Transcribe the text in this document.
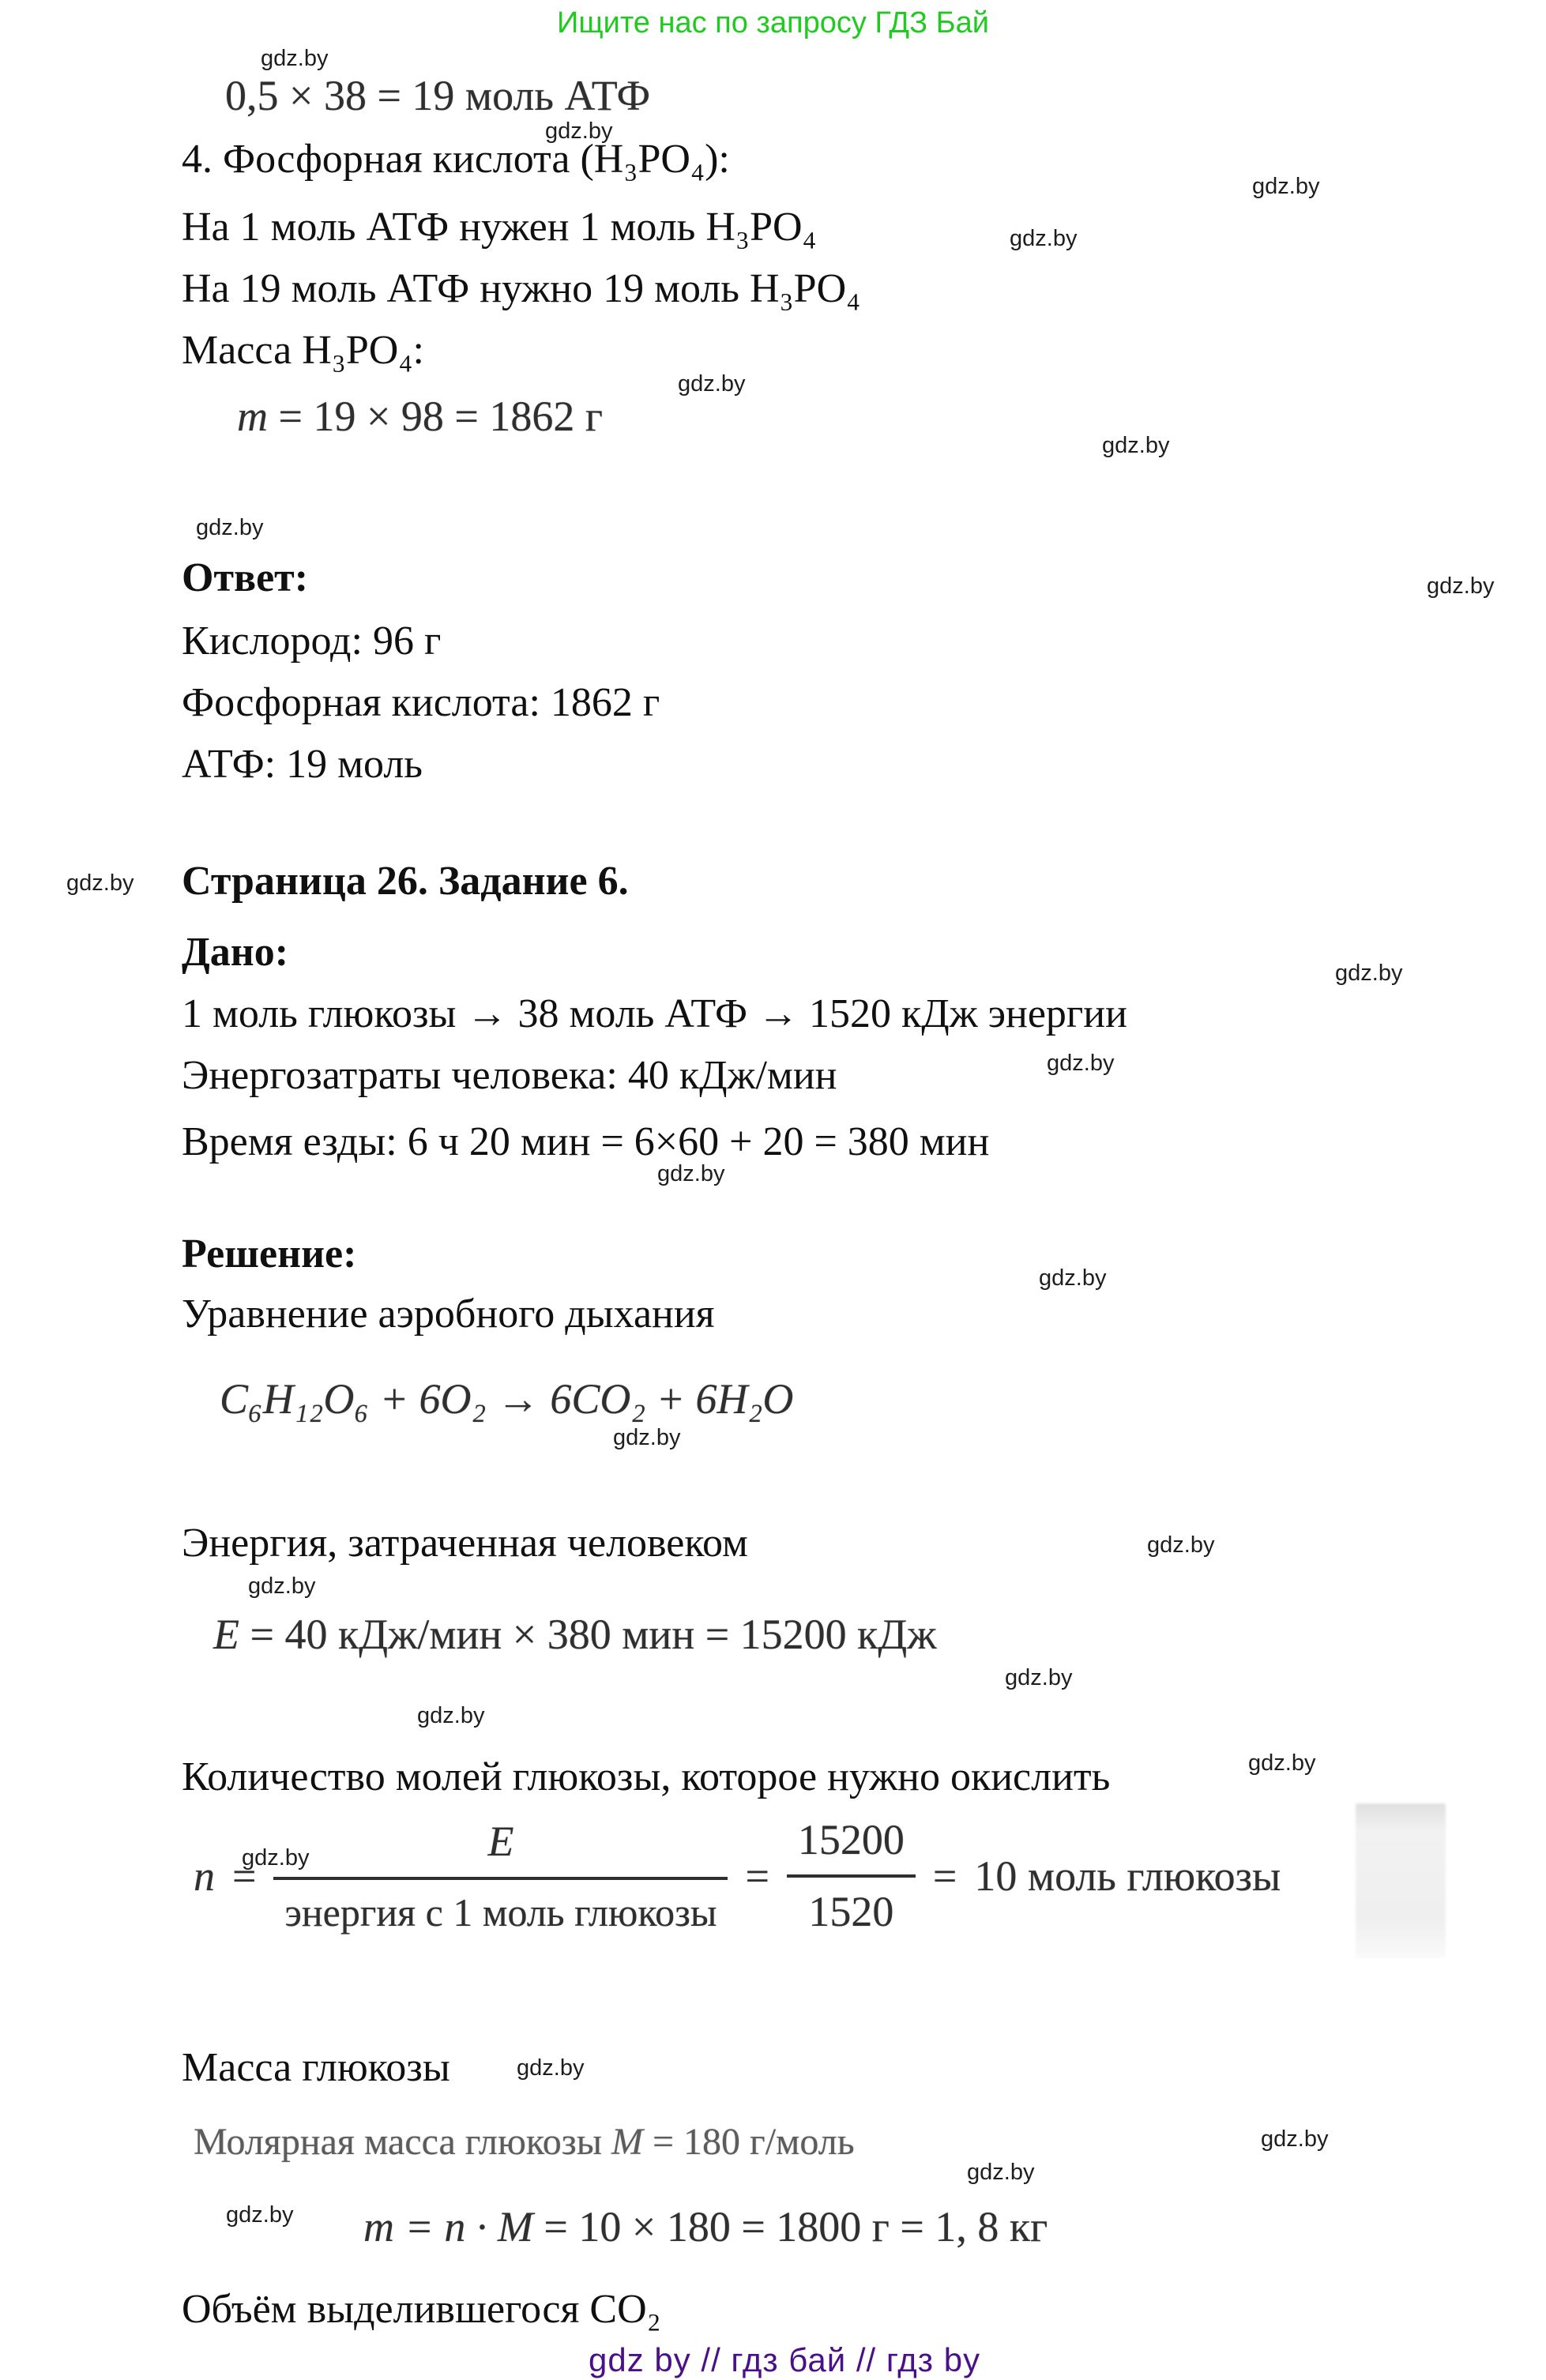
Ищите нас по запросу ГДЗ Бай
gdz.by
gdz.by
gdz.by
gdz.by
gdz.by
gdz.by
gdz.by
gdz.by
gdz.by
gdz.by
gdz.by
gdz.by
gdz.by
gdz.by
gdz.by
gdz.by
gdz.by
gdz.by
gdz.by
gdz.by
gdz.by
gdz.by
gdz.by
gdz.by
0,5 × 38 = 19 моль АТФ
4. Фосфорная кислота (H₃PO₄):
На 1 моль АТФ нужен 1 моль H₃PO₄
На 19 моль АТФ нужно 19 моль H₃PO₄
Масса H₃PO₄:
m = 19 × 98 = 1862 г
Ответ:
Кислород: 96 г
Фосфорная кислота: 1862 г
АТФ: 19 моль
Страница 26. Задание 6.
Дано:
1 моль глюкозы → 38 моль АТФ → 1520 кДж энергии
Энергозатраты человека: 40 кДж/мин
Время езды: 6 ч 20 мин = 6×60 + 20 = 380 мин
Решение:
Уравнение аэробного дыхания
C₆H₁₂O₆ + 6O₂ → 6CO₂ + 6H₂O
Энергия, затраченная человеком
E = 40 кДж/мин × 380 мин = 15200 кДж
Количество молей глюкозы, которое нужно окислить
$n = \frac{E}{\text{энергия с 1 моль глюкозы}} = \frac{15200}{1520} = 10$ моль глюкозы
Масса глюкозы
Молярная масса глюкозы M = 180 г/моль
m = n · M = 10 × 180 = 1800 г = 1, 8 кг
Объём выделившегося CO₂
gdz by // гдз бай // гдз by
